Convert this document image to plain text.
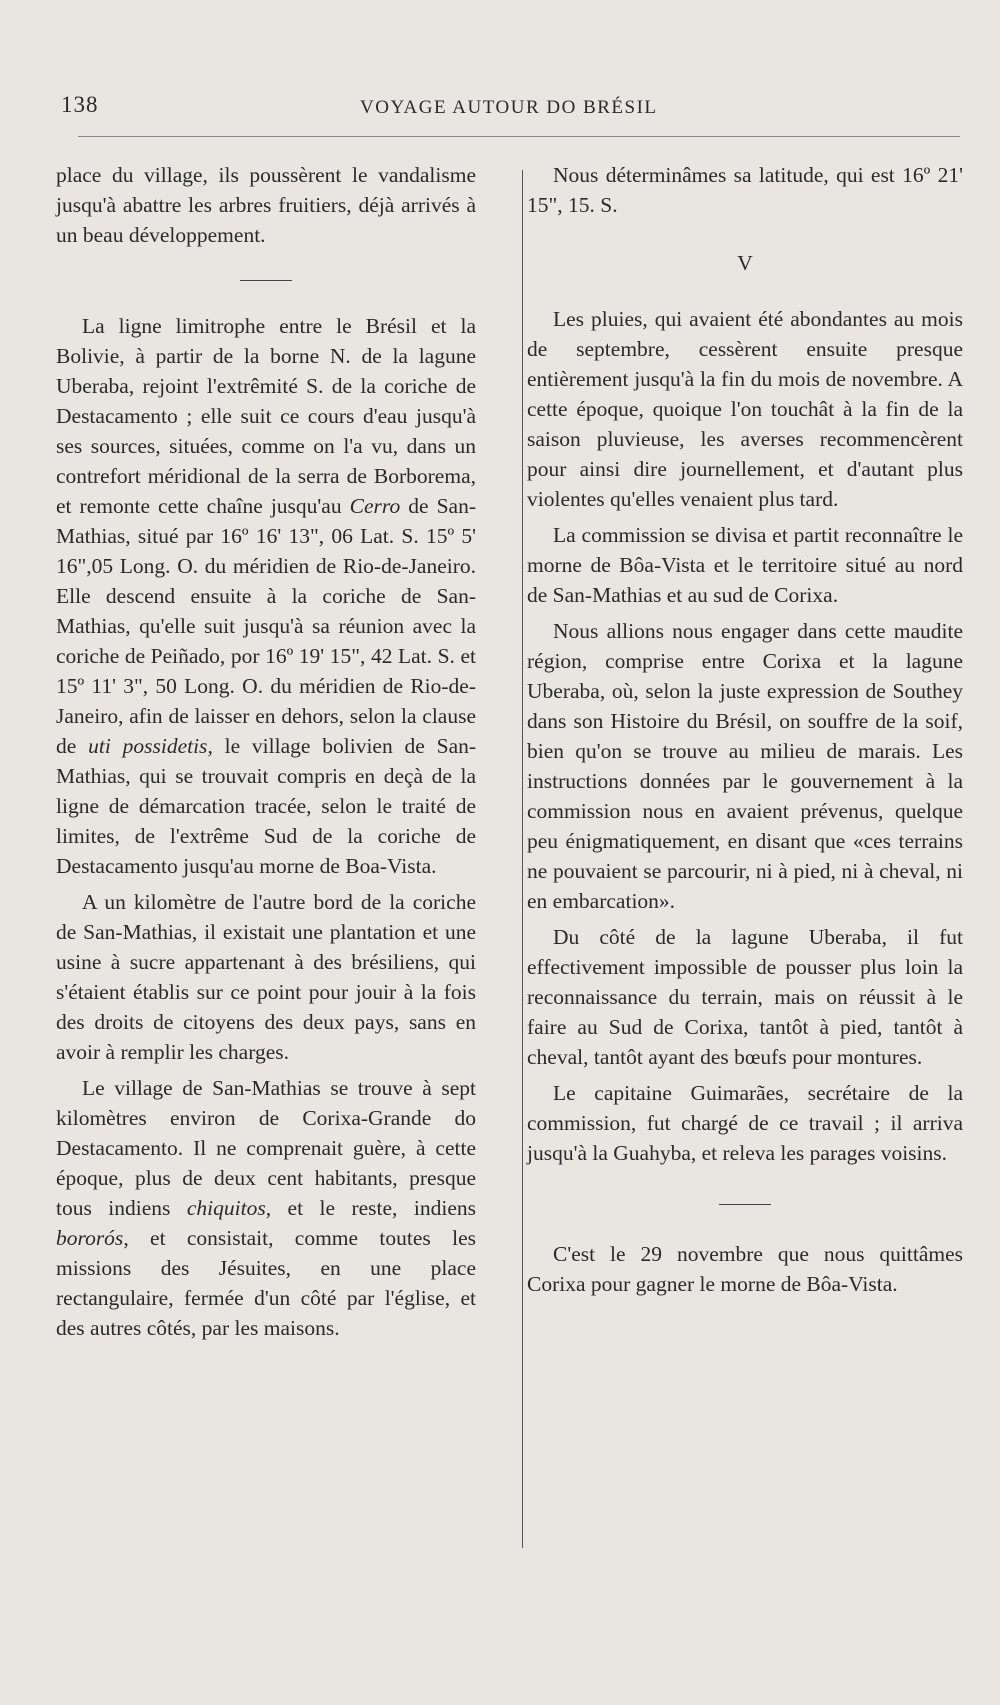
138	VOYAGE AUTOUR DO BRÉSIL

place du village, ils poussèrent le vandalisme jusqu'à abattre les arbres fruitiers, déjà arrivés à un beau développement.

La ligne limitrophe entre le Brésil et la Bolivie, à partir de la borne N. de la lagune Uberaba, rejoint l'extrêmité S. de la coriche de Destacamento ; elle suit ce cours d'eau jusqu'à ses sources, situées, comme on l'a vu, dans un contrefort méridional de la serra de Borborema, et remonte cette chaîne jusqu'au Cerro de San-Mathias, situé par 16º 16' 13", 06 Lat. S. 15º 5' 16",05 Long. O. du méridien de Rio-de-Janeiro. Elle descend ensuite à la coriche de San-Mathias, qu'elle suit jusqu'à sa réunion avec la coriche de Peiñado, por 16º 19' 15", 42 Lat. S. et 15º 11' 3", 50 Long. O. du méridien de Rio-de-Janeiro, afin de laisser en dehors, selon la clause de uti possidetis, le village bolivien de San-Mathias, qui se trouvait compris en deçà de la ligne de démarcation tracée, selon le traité de limites, de l'extrême Sud de la coriche de Destacamento jusqu'au morne de Boa-Vista.

A un kilomètre de l'autre bord de la coriche de San-Mathias, il existait une plantation et une usine à sucre appartenant à des brésiliens, qui s'étaient établis sur ce point pour jouir à la fois des droits de citoyens des deux pays, sans en avoir à remplir les charges.

Le village de San-Mathias se trouve à sept kilomètres environ de Corixa-Grande do Destacamento. Il ne comprenait guère, à cette époque, plus de deux cent habitants, presque tous indiens chiquitos, et le reste, indiens bororós, et consistait, comme toutes les missions des Jésuites, en une place rectangulaire, fermée d'un côté par l'église, et des autres côtés, par les maisons.

Nous déterminâmes sa latitude, qui est 16º 21' 15", 15. S.

V

Les pluies, qui avaient été abondantes au mois de septembre, cessèrent ensuite presque entièrement jusqu'à la fin du mois de novembre. A cette époque, quoique l'on touchât à la fin de la saison pluvieuse, les averses recommencèrent pour ainsi dire journellement, et d'autant plus violentes qu'elles venaient plus tard.

La commission se divisa et partit reconnaître le morne de Bôa-Vista et le territoire situé au nord de San-Mathias et au sud de Corixa.

Nous allions nous engager dans cette maudite région, comprise entre Corixa et la lagune Uberaba, où, selon la juste expression de Southey dans son Histoire du Brésil, on souffre de la soif, bien qu'on se trouve au milieu de marais. Les instructions données par le gouvernement à la commission nous en avaient prévenus, quelque peu énigmatiquement, en disant que «ces terrains ne pouvaient se parcourir, ni à pied, ni à cheval, ni en embarcation».

Du côté de la lagune Uberaba, il fut effectivement impossible de pousser plus loin la reconnaissance du terrain, mais on réussit à le faire au Sud de Corixa, tantôt à pied, tantôt à cheval, tantôt ayant des bœufs pour montures.

Le capitaine Guimarães, secrétaire de la commission, fut chargé de ce travail ; il arriva jusqu'à la Guahyba, et releva les parages voisins.

C'est le 29 novembre que nous quittâmes Corixa pour gagner le morne de Bôa-Vista.
